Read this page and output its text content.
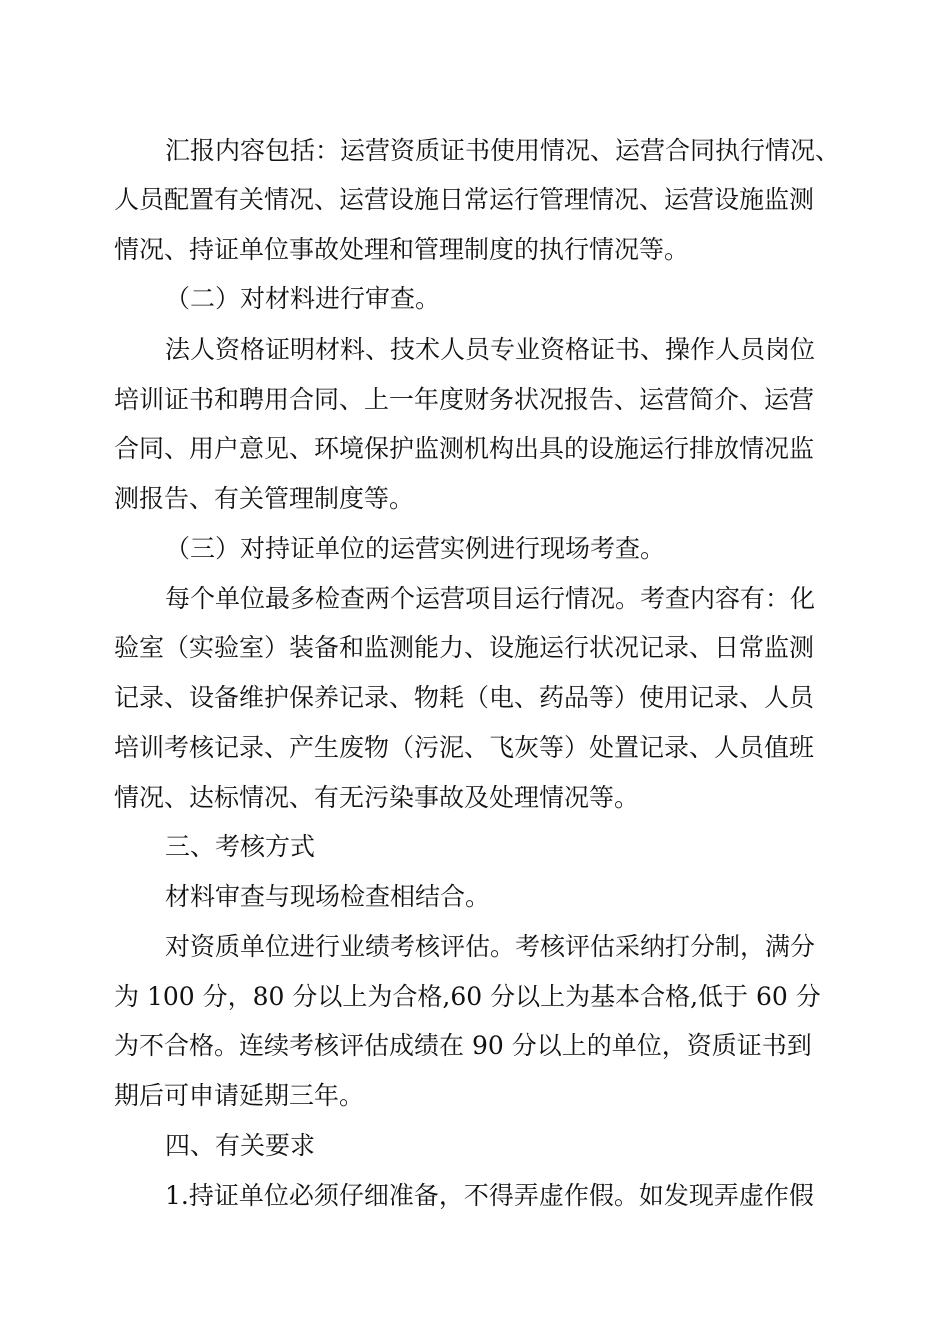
汇报内容包括：运营资质证书使用情况、运营合同执行情况、
人员配置有关情况、运营设施日常运行管理情况、运营设施监测
情况、持证单位事故处理和管理制度的执行情况等。
（二）对材料进行审查。
法人资格证明材料、技术人员专业资格证书、操作人员岗位
培训证书和聘用合同、上一年度财务状况报告、运营简介、运营
合同、用户意见、环境保护监测机构出具的设施运行排放情况监
测报告、有关管理制度等。
（三）对持证单位的运营实例进行现场考查。
每个单位最多检查两个运营项目运行情况。考查内容有：化
验室（实验室）装备和监测能力、设施运行状况记录、日常监测
记录、设备维护保养记录、物耗（电、药品等）使用记录、人员
培训考核记录、产生废物（污泥、飞灰等）处置记录、人员值班
情况、达标情况、有无污染事故及处理情况等。
三、考核方式
材料审查与现场检查相结合。
对资质单位进行业绩考核评估。考核评估采纳打分制，满分
为 100 分，80 分以上为合格,60 分以上为基本合格,低于 60 分
为不合格。连续考核评估成绩在 90 分以上的单位，资质证书到
期后可申请延期三年。
四、有关要求
1.持证单位必须仔细准备，不得弄虚作假。如发现弄虚作假
